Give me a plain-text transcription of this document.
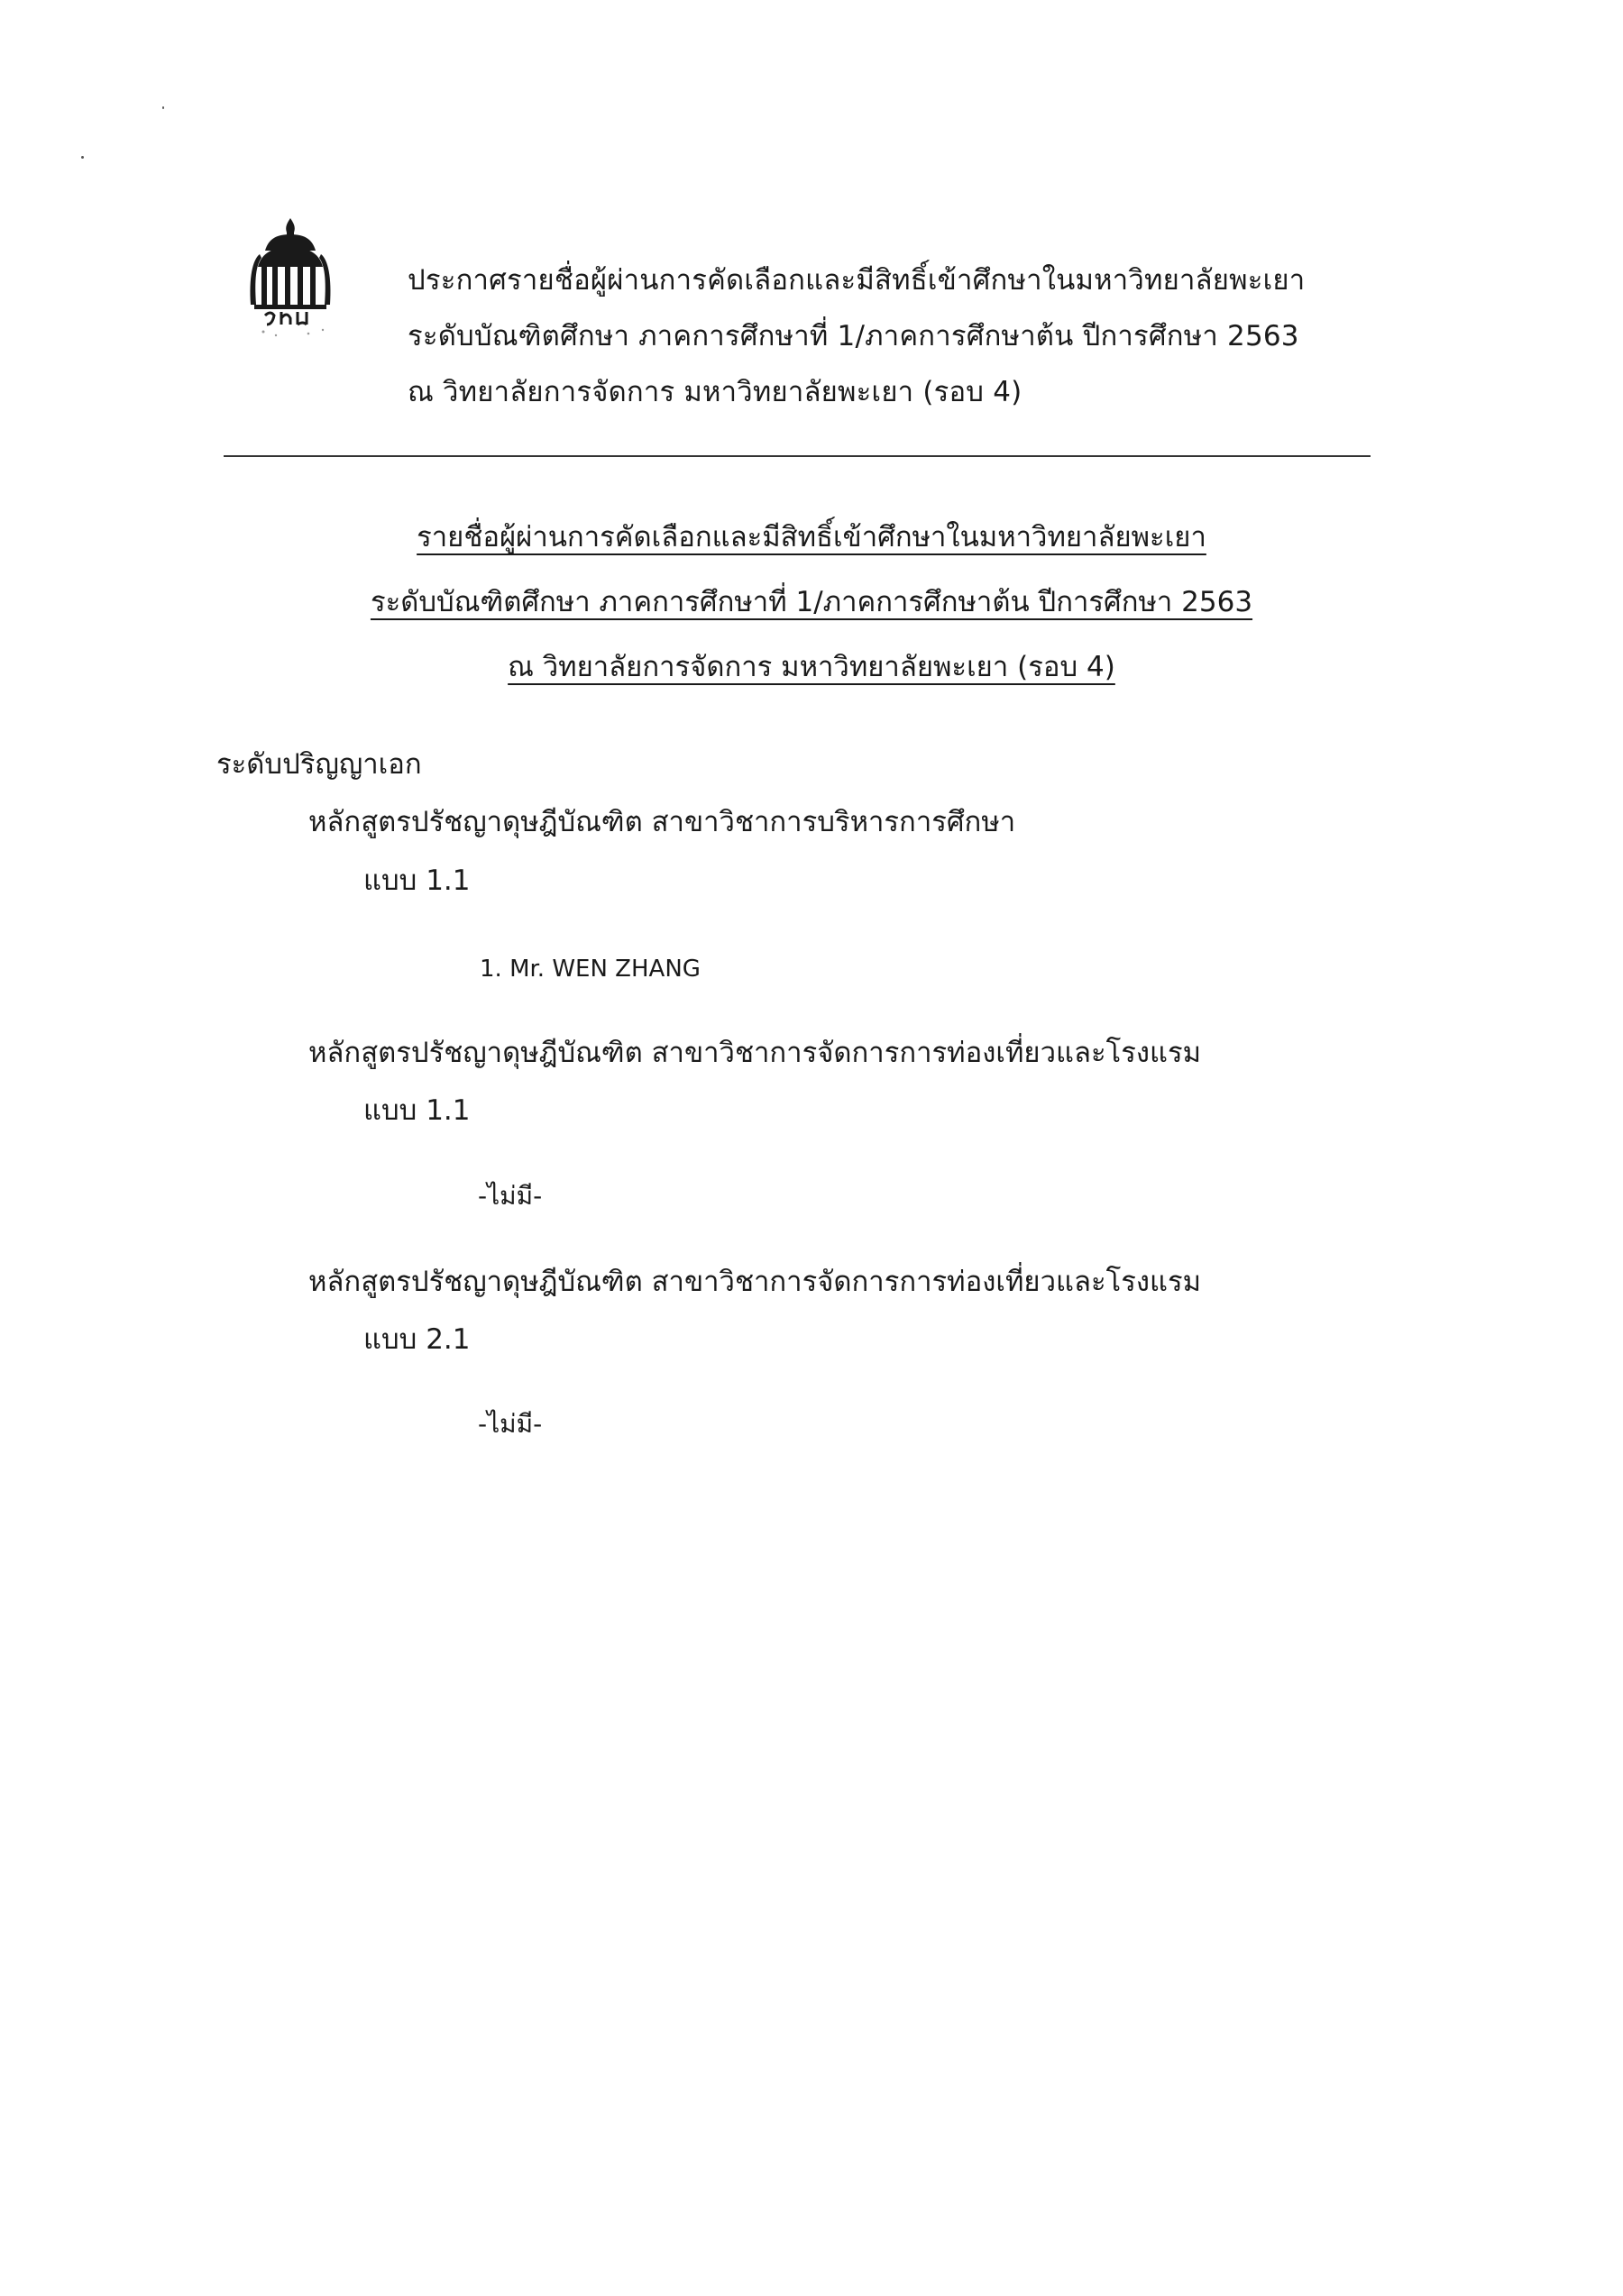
ประกาศรายชื่อผู้ผ่านการคัดเลือกและมีสิทธิ์เข้าศึกษาในมหาวิทยาลัยพะเยา
ระดับบัณฑิตศึกษา ภาคการศึกษาที่ 1/ภาคการศึกษาต้น ปีการศึกษา 2563
ณ วิทยาลัยการจัดการ มหาวิทยาลัยพะเยา (รอบ 4)
รายชื่อผู้ผ่านการคัดเลือกและมีสิทธิ์เข้าศึกษาในมหาวิทยาลัยพะเยา
ระดับบัณฑิตศึกษา ภาคการศึกษาที่ 1/ภาคการศึกษาต้น ปีการศึกษา 2563
ณ วิทยาลัยการจัดการ มหาวิทยาลัยพะเยา (รอบ 4)
ระดับปริญญาเอก
หลักสูตรปรัชญาดุษฎีบัณฑิต สาขาวิชาการบริหารการศึกษา
แบบ 1.1
1. Mr. WEN ZHANG
หลักสูตรปรัชญาดุษฎีบัณฑิต สาขาวิชาการจัดการการท่องเที่ยวและโรงแรม
แบบ 1.1
-ไม่มี-
หลักสูตรปรัชญาดุษฎีบัณฑิต สาขาวิชาการจัดการการท่องเที่ยวและโรงแรม
แบบ 2.1
-ไม่มี-
